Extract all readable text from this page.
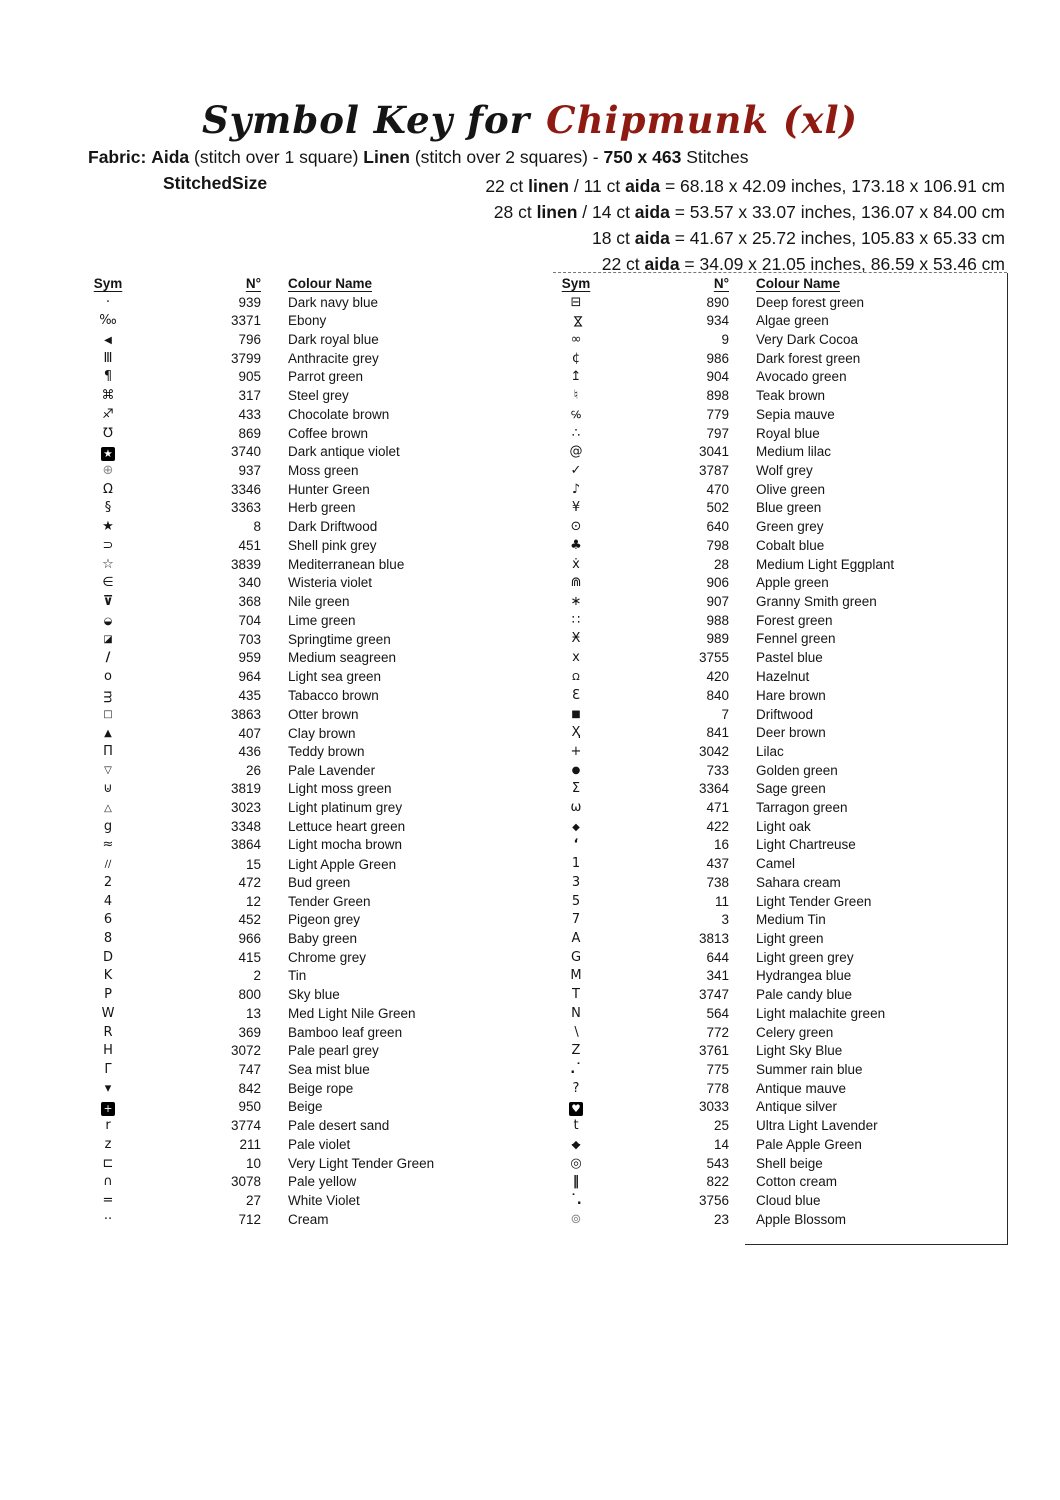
Symbol Key for Chipmunk (xl)
Fabric: Aida (stitch over 1 square) Linen (stitch over 2 squares) - 750 x 463 Stitches
StitchedSize	22 ct linen / 11 ct aida = 68.18 x 42.09 inches, 173.18 x 106.91 cm
28 ct linen / 14 ct aida = 53.57 x 33.07 inches, 136.07 x 84.00 cm
18 ct aida = 41.67 x 25.72 inches, 105.83 x 65.33 cm
22 ct aida = 34.09 x 21.05 inches, 86.59 x 53.46 cm
Sym	N°	Colour Name
·	939	Dark navy blue
‰	3371	Ebony
◀	796	Dark royal blue
Ⅲ	3799	Anthracite grey
¶	905	Parrot green
⌘	317	Steel grey
♐	433	Chocolate brown
℧	869	Coffee brown
★	3740	Dark antique violet
⊕	937	Moss green
Ω	3346	Hunter Green
§	3363	Herb green
★	8	Dark Driftwood
⊃	451	Shell pink grey
☆	3839	Mediterranean blue
∈	340	Wisteria violet
⊽	368	Nile green
◒	704	Lime green
◪	703	Springtime green
∕	959	Medium seagreen
o	964	Light sea green
ᴟ	435	Tabacco brown
□	3863	Otter brown
▲	407	Clay brown
Π	436	Teddy brown
▽	26	Pale Lavender
⊍	3819	Light moss green
△	3023	Light platinum grey
g	3348	Lettuce heart green
≈	3864	Light mocha brown
∕∕	15	Light Apple Green
2	472	Bud green
4	12	Tender Green
6	452	Pigeon grey
8	966	Baby green
D	415	Chrome grey
K	2	Tin
P	800	Sky blue
W	13	Med Light Nile Green
R	369	Bamboo leaf green
H	3072	Pale pearl grey
Γ	747	Sea mist blue
▾	842	Beige rope
+	950	Beige
r	3774	Pale desert sand
z	211	Pale violet
⊏	10	Very Light Tender Green
∩	3078	Pale yellow
=	27	White Violet
··	712	Cream
Sym	N°	Colour Name
⊟	890	Deep forest green
⋈	934	Algae green
∞	9	Very Dark Cocoa
¢	986	Dark forest green
↥	904	Avocado green
♮	898	Teak brown
℅	779	Sepia mauve
∴	797	Royal blue
@	3041	Medium lilac
✓	3787	Wolf grey
♪	470	Olive green
¥	502	Blue green
⊙	640	Green grey
♣	798	Cobalt blue
ẋ	28	Medium Light Eggplant
⋒	906	Apple green
∗	907	Granny Smith green
∷	988	Forest green
Ӿ	989	Fennel green
x	3755	Pastel blue
Ω	420	Hazelnut
Ɛ	840	Hare brown
■	7	Driftwood
Ҳ	841	Deer brown
+	3042	Lilac
●	733	Golden green
Σ	3364	Sage green
ω	471	Tarragon green
◆	422	Light oak
ʻ	16	Light Chartreuse
1	437	Camel
3	738	Sahara cream
5	11	Light Tender Green
7	3	Medium Tin
A	3813	Light green
G	644	Light green grey
M	341	Hydrangea blue
T	3747	Pale candy blue
N	564	Light malachite green
∖	772	Celery green
Z	3761	Light Sky Blue
.˙	775	Summer rain blue
?	778	Antique mauve
♥	3033	Antique silver
t	25	Ultra Light Lavender
◆	14	Pale Apple Green
◎	543	Shell beige
‖	822	Cotton cream
˙.	3756	Cloud blue
⊚	23	Apple Blossom
